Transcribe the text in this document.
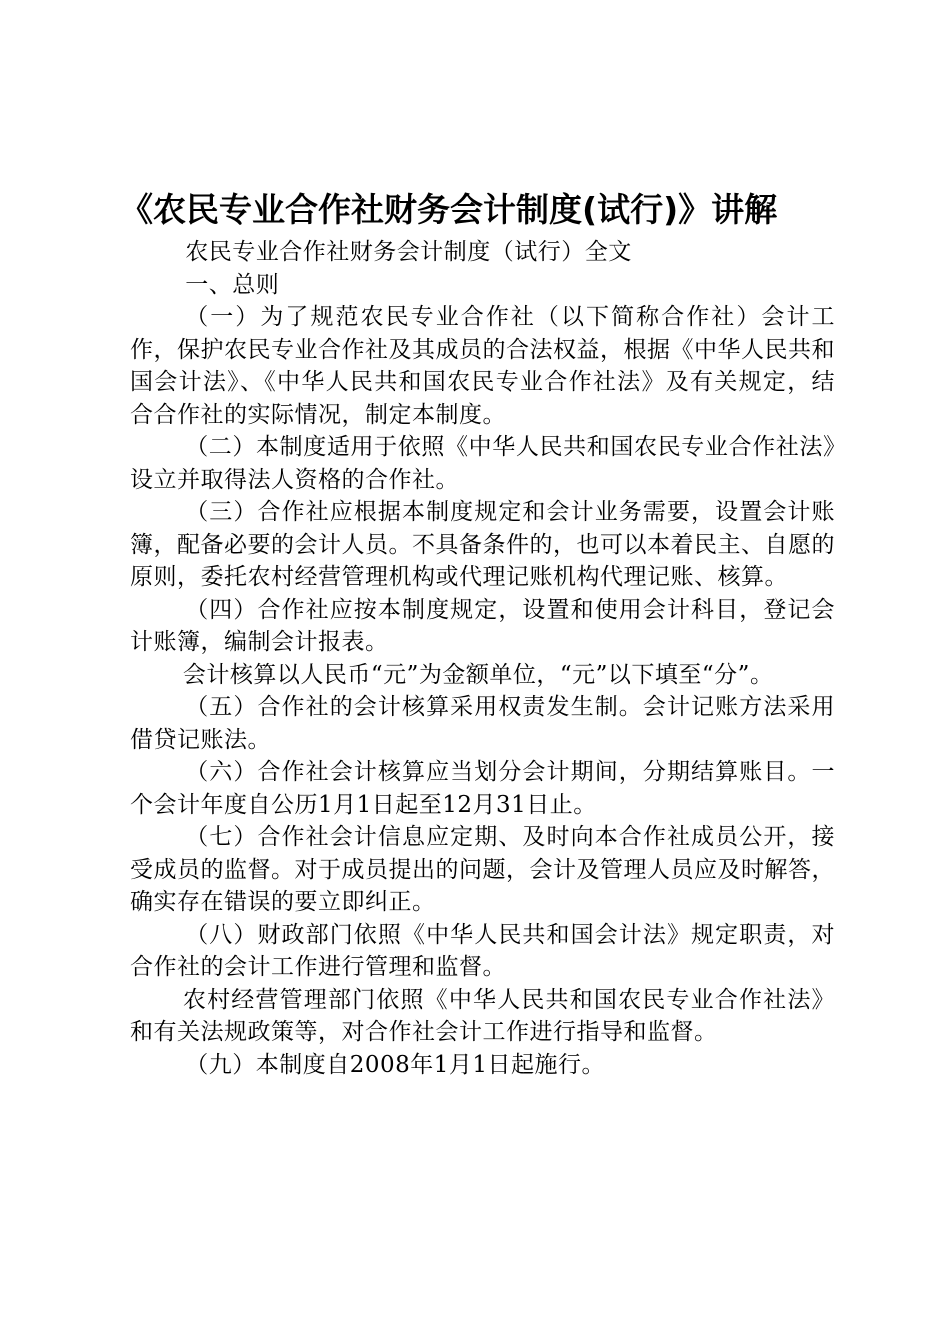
《农民专业合作社财务会计制度(试行)》讲解

农民专业合作社财务会计制度（试行）全文

一、总则

（一）为了规范农民专业合作社（以下简称合作社）会计工作，保护农民专业合作社及其成员的合法权益，根据《中华人民共和国会计法》、《中华人民共和国农民专业合作社法》及有关规定，结合合作社的实际情况，制定本制度。

（二）本制度适用于依照《中华人民共和国农民专业合作社法》设立并取得法人资格的合作社。

（三）合作社应根据本制度规定和会计业务需要，设置会计账簿，配备必要的会计人员。不具备条件的，也可以本着民主、自愿的原则，委托农村经营管理机构或代理记账机构代理记账、核算。

（四）合作社应按本制度规定，设置和使用会计科目，登记会计账簿，编制会计报表。

会计核算以人民币“元”为金额单位，“元”以下填至“分”。

（五）合作社的会计核算采用权责发生制。会计记账方法采用借贷记账法。

（六）合作社会计核算应当划分会计期间，分期结算账目。一个会计年度自公历1月1日起至12月31日止。

（七）合作社会计信息应定期、及时向本合作社成员公开，接受成员的监督。对于成员提出的问题，会计及管理人员应及时解答，确实存在错误的要立即纠正。

（八）财政部门依照《中华人民共和国会计法》规定职责，对合作社的会计工作进行管理和监督。

农村经营管理部门依照《中华人民共和国农民专业合作社法》和有关法规政策等，对合作社会计工作进行指导和监督。

（九）本制度自2008年1月1日起施行。
